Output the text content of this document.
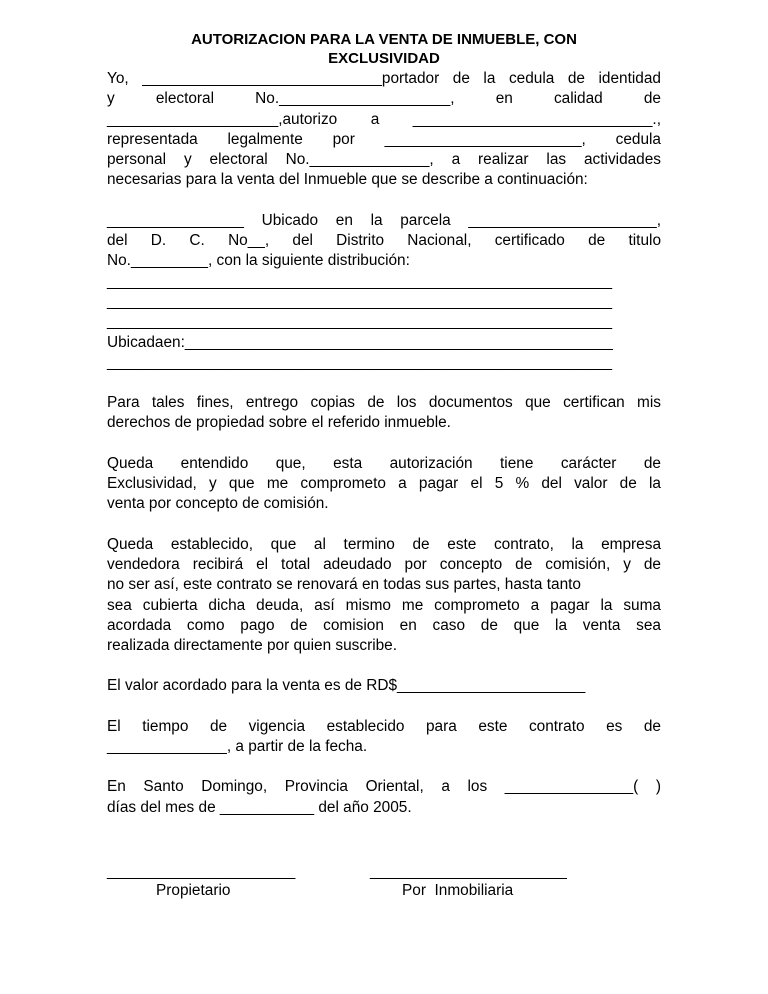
AUTORIZACION PARA LA VENTA DE INMUEBLE, CON
EXCLUSIVIDAD
Yo, ____________________________portador de la cedula de identidad
y electoral No.____________________, en calidad de
____________________,autorizo a ____________________________.,
representada legalmente por _______________________, cedula
personal y electoral No.______________, a realizar las actividades
necesarias para la venta del Inmueble que se describe a continuación:
________________ Ubicado en la parcela ______________________,
del D. C. No__, del Distrito Nacional, certificado de titulo
No._________, con la siguiente distribución:
___________________________________________________________
___________________________________________________________
___________________________________________________________
Ubicadaen:__________________________________________________
___________________________________________________________
Para tales fines, entrego copias de los documentos que certifican mis
derechos de propiedad sobre el referido inmueble.
Queda entendido que, esta autorización tiene carácter de
Exclusividad, y que me comprometo a pagar el 5 % del valor de la
venta por concepto de comisión.
Queda establecido, que al termino de este contrato, la empresa
vendedora recibirá el total adeudado por concepto de comisión, y de
no ser así, este contrato se renovará en todas sus partes, hasta tanto
sea cubierta dicha deuda, así mismo me comprometo a pagar la suma
acordada como pago de comision en caso de que la venta sea
realizada directamente por quien suscribe.
El valor acordado para la venta es de RD$______________________
El tiempo de vigencia establecido para este contrato es de
______________, a partir de la fecha.
En Santo Domingo, Provincia Oriental, a los _______________( )
días del mes de ___________ del año 2005.
______________________
Propietario
_______________________
Por  Inmobiliaria
